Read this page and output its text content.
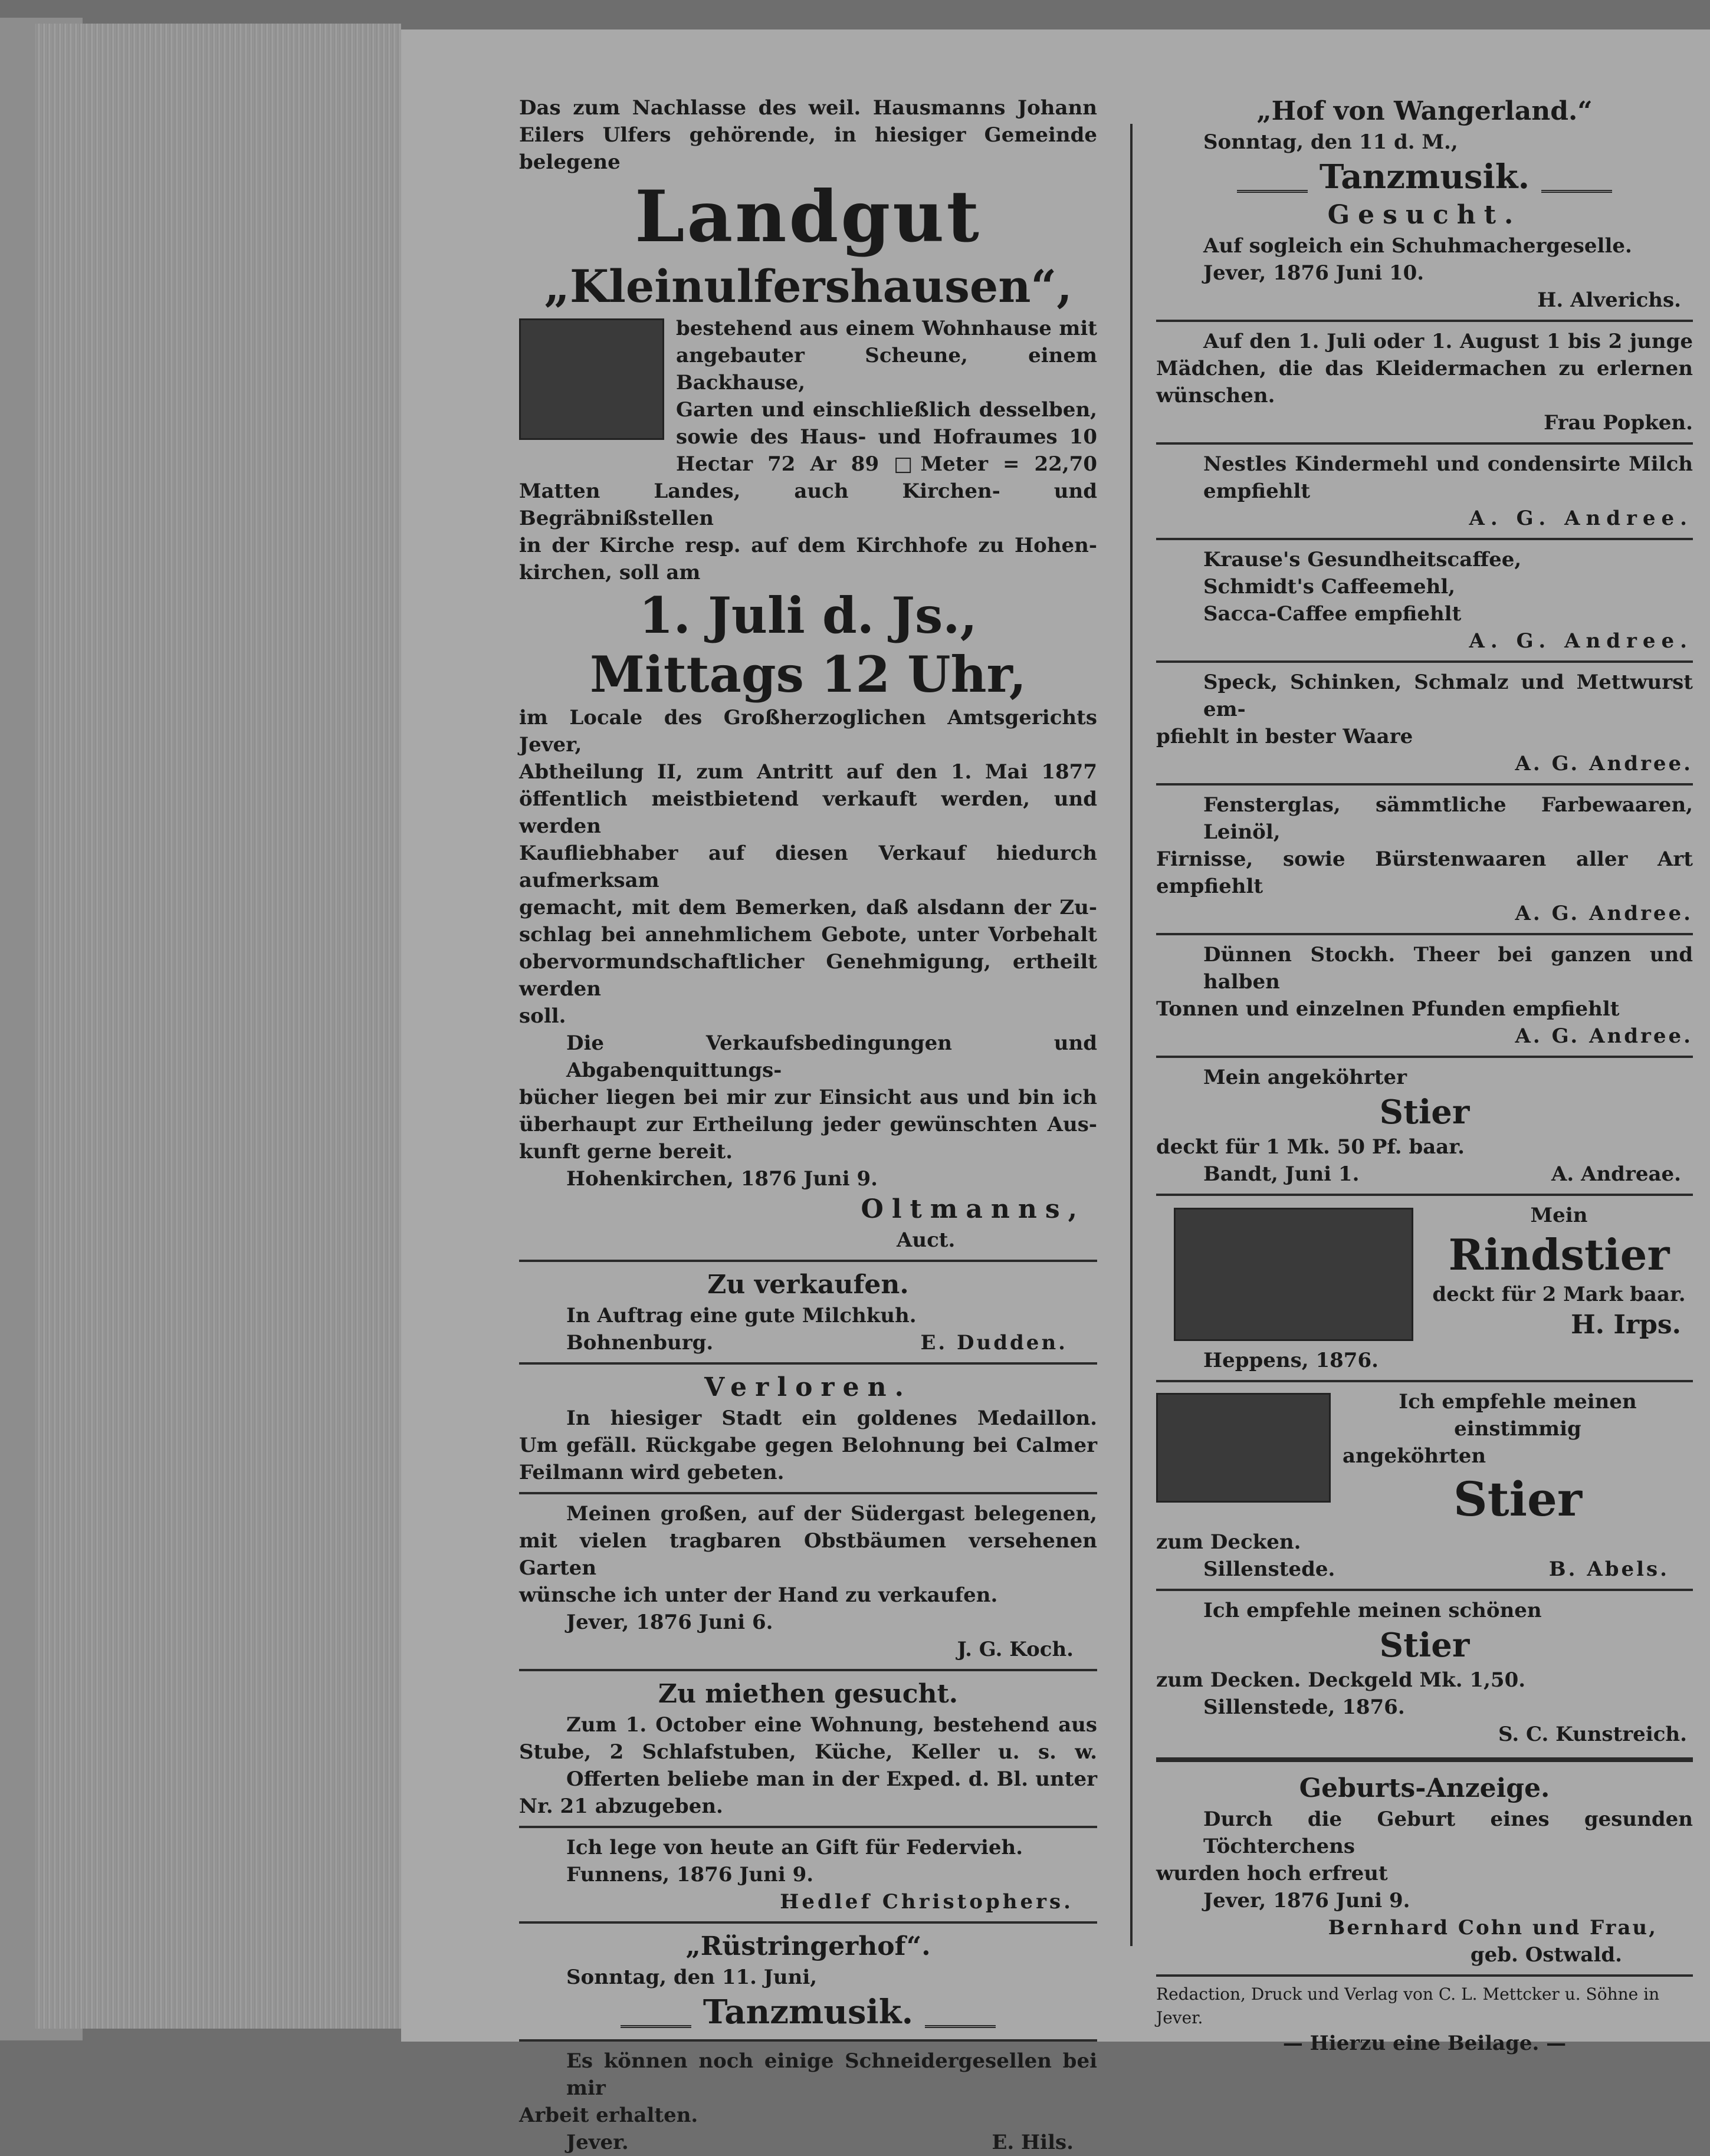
Das zum Nachlasse des weil. Hausmanns Johann

Eilers Ulfers gehörende, in hiesiger Gemeinde belegene

Landgut

„Kleinulfershausen“,

bestehend aus einem Wohnhause mit

angebauter Scheune, einem Backhause,

Garten und einschließlich desselben,

sowie des Haus- und Hofraumes 10

Hectar 72 Ar 89 □Meter = 22,70

Matten Landes, auch Kirchen- und Begräbnißstellen

in der Kirche resp. auf dem Kirchhofe zu Hohen-

kirchen, soll am

1. Juli d. Js.,

Mittags 12 Uhr,

im Locale des Großherzoglichen Amtsgerichts Jever,

Abtheilung II, zum Antritt auf den 1. Mai 1877

öffentlich meistbietend verkauft werden, und werden

Kaufliebhaber auf diesen Verkauf hiedurch aufmerksam

gemacht, mit dem Bemerken, daß alsdann der Zu-

schlag bei annehmlichem Gebote, unter Vorbehalt

obervormundschaftlicher Genehmigung, ertheilt werden

soll.

Die Verkaufsbedingungen und Abgabenquittungs-

bücher liegen bei mir zur Einsicht aus und bin ich

überhaupt zur Ertheilung jeder gewünschten Aus-

kunft gerne bereit.

Hohenkirchen, 1876 Juni 9.

Oltmanns,

Auct.

Zu verkaufen.

In Auftrag eine gute Milchkuh.

Bohnenburg.	E. Dudden.

Verloren.

In hiesiger Stadt ein goldenes Medaillon.

Um gefäll. Rückgabe gegen Belohnung bei Calmer

Feilmann wird gebeten.

Meinen großen, auf der Südergast belegenen,

mit vielen tragbaren Obstbäumen versehenen Garten

wünsche ich unter der Hand zu verkaufen.

Jever, 1876 Juni 6.

J. G. Koch.

Zu miethen gesucht.

Zum 1. October eine Wohnung, bestehend aus

Stube, 2 Schlafstuben, Küche, Keller u. s. w.

Offerten beliebe man in der Exped. d. Bl. unter

Nr. 21 abzugeben.

Ich lege von heute an Gift für Federvieh.

Funnens, 1876 Juni 9.

Hedlef Christophers.

„Rüstringerhof“.

Sonntag, den 11. Juni,

Tanzmusik.

Es können noch einige Schneidergesellen bei mir

Arbeit erhalten.

Jever.	E. Hils.

„Hof von Wangerland.“

Sonntag, den 11 d. M.,

Tanzmusik.

Gesucht.

Auf sogleich ein Schuhmachergeselle.

Jever, 1876 Juni 10.

H. Alverichs.

Auf den 1. Juli oder 1. August 1 bis 2 junge

Mädchen, die das Kleidermachen zu erlernen wünschen.

Frau Popken.

Nestles Kindermehl und condensirte Milch empfiehlt

A. G. Andree.

Krause's Gesundheitscaffee,

Schmidt's Caffeemehl,

Sacca-Caffee empfiehlt

A. G. Andree.

Speck, Schinken, Schmalz und Mettwurst em-

pfiehlt in bester Waare

A. G. Andree.

Fensterglas, sämmtliche Farbewaaren, Leinöl,

Firnisse, sowie Bürstenwaaren aller Art empfiehlt

A. G. Andree.

Dünnen Stockh. Theer bei ganzen und halben

Tonnen und einzelnen Pfunden empfiehlt

A. G. Andree.

Mein angeköhrter

Stier

deckt für 1 Mk. 50 Pf. baar.

Bandt, Juni 1.	A. Andreae.

Mein

Rindstier

deckt für 2 Mark baar.

H. Irps.

Heppens, 1876.

Ich empfehle meinen einstimmig

angeköhrten

Stier

zum Decken.

Sillenstede.	B. Abels.

Ich empfehle meinen schönen

Stier

zum Decken. Deckgeld Mk. 1,50.

Sillenstede, 1876.

S. C. Kunstreich.

Geburts-Anzeige.

Durch die Geburt eines gesunden Töchterchens

wurden hoch erfreut

Jever, 1876 Juni 9.

Bernhard Cohn und Frau,

geb. Ostwald.

Redaction, Druck und Verlag von C. L. Mettcker u. Söhne in Jever.

— Hierzu eine Beilage. —
